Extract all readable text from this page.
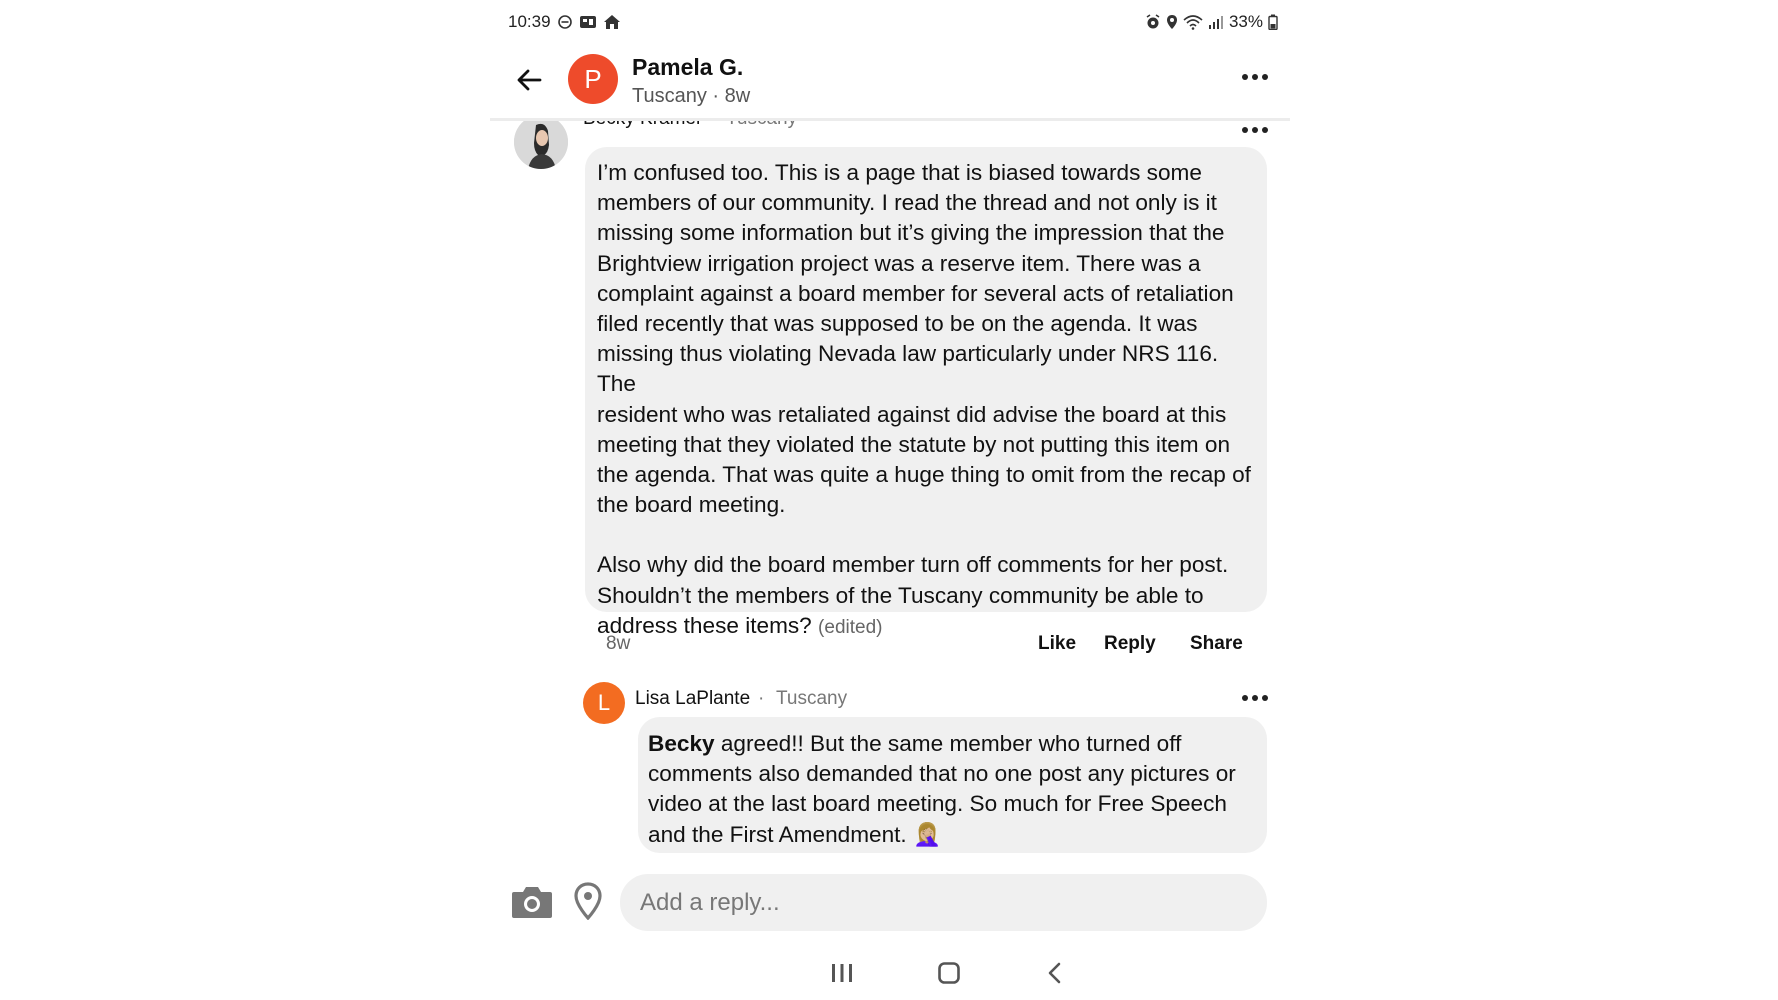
10:39	33%
P Pamela G.
Tuscany · 8w
I’m confused too. This is a page that is biased towards some
members of our community. I read the thread and not only is it
missing some information but it’s giving the impression that the
Brightview irrigation project was a reserve item. There was a
complaint against a board member for several acts of retaliation
filed recently that was supposed to be on the agenda. It was
missing thus violating Nevada law particularly under NRS 116. The
resident who was retaliated against did advise the board at this
meeting that they violated the statute by not putting this item on
the agenda. That was quite a huge thing to omit from the recap of
the board meeting.
Also why did the board member turn off comments for her post.
Shouldn’t the members of the Tuscany community be able to
address these items? (edited)
8w	Like Reply Share
L Lisa LaPlante · Tuscany
Becky agreed!! But the same member who turned off
comments also demanded that no one post any pictures or
video at the last board meeting. So much for Free Speech
and the First Amendment. 🤦🏼‍♀️
Add a reply...
